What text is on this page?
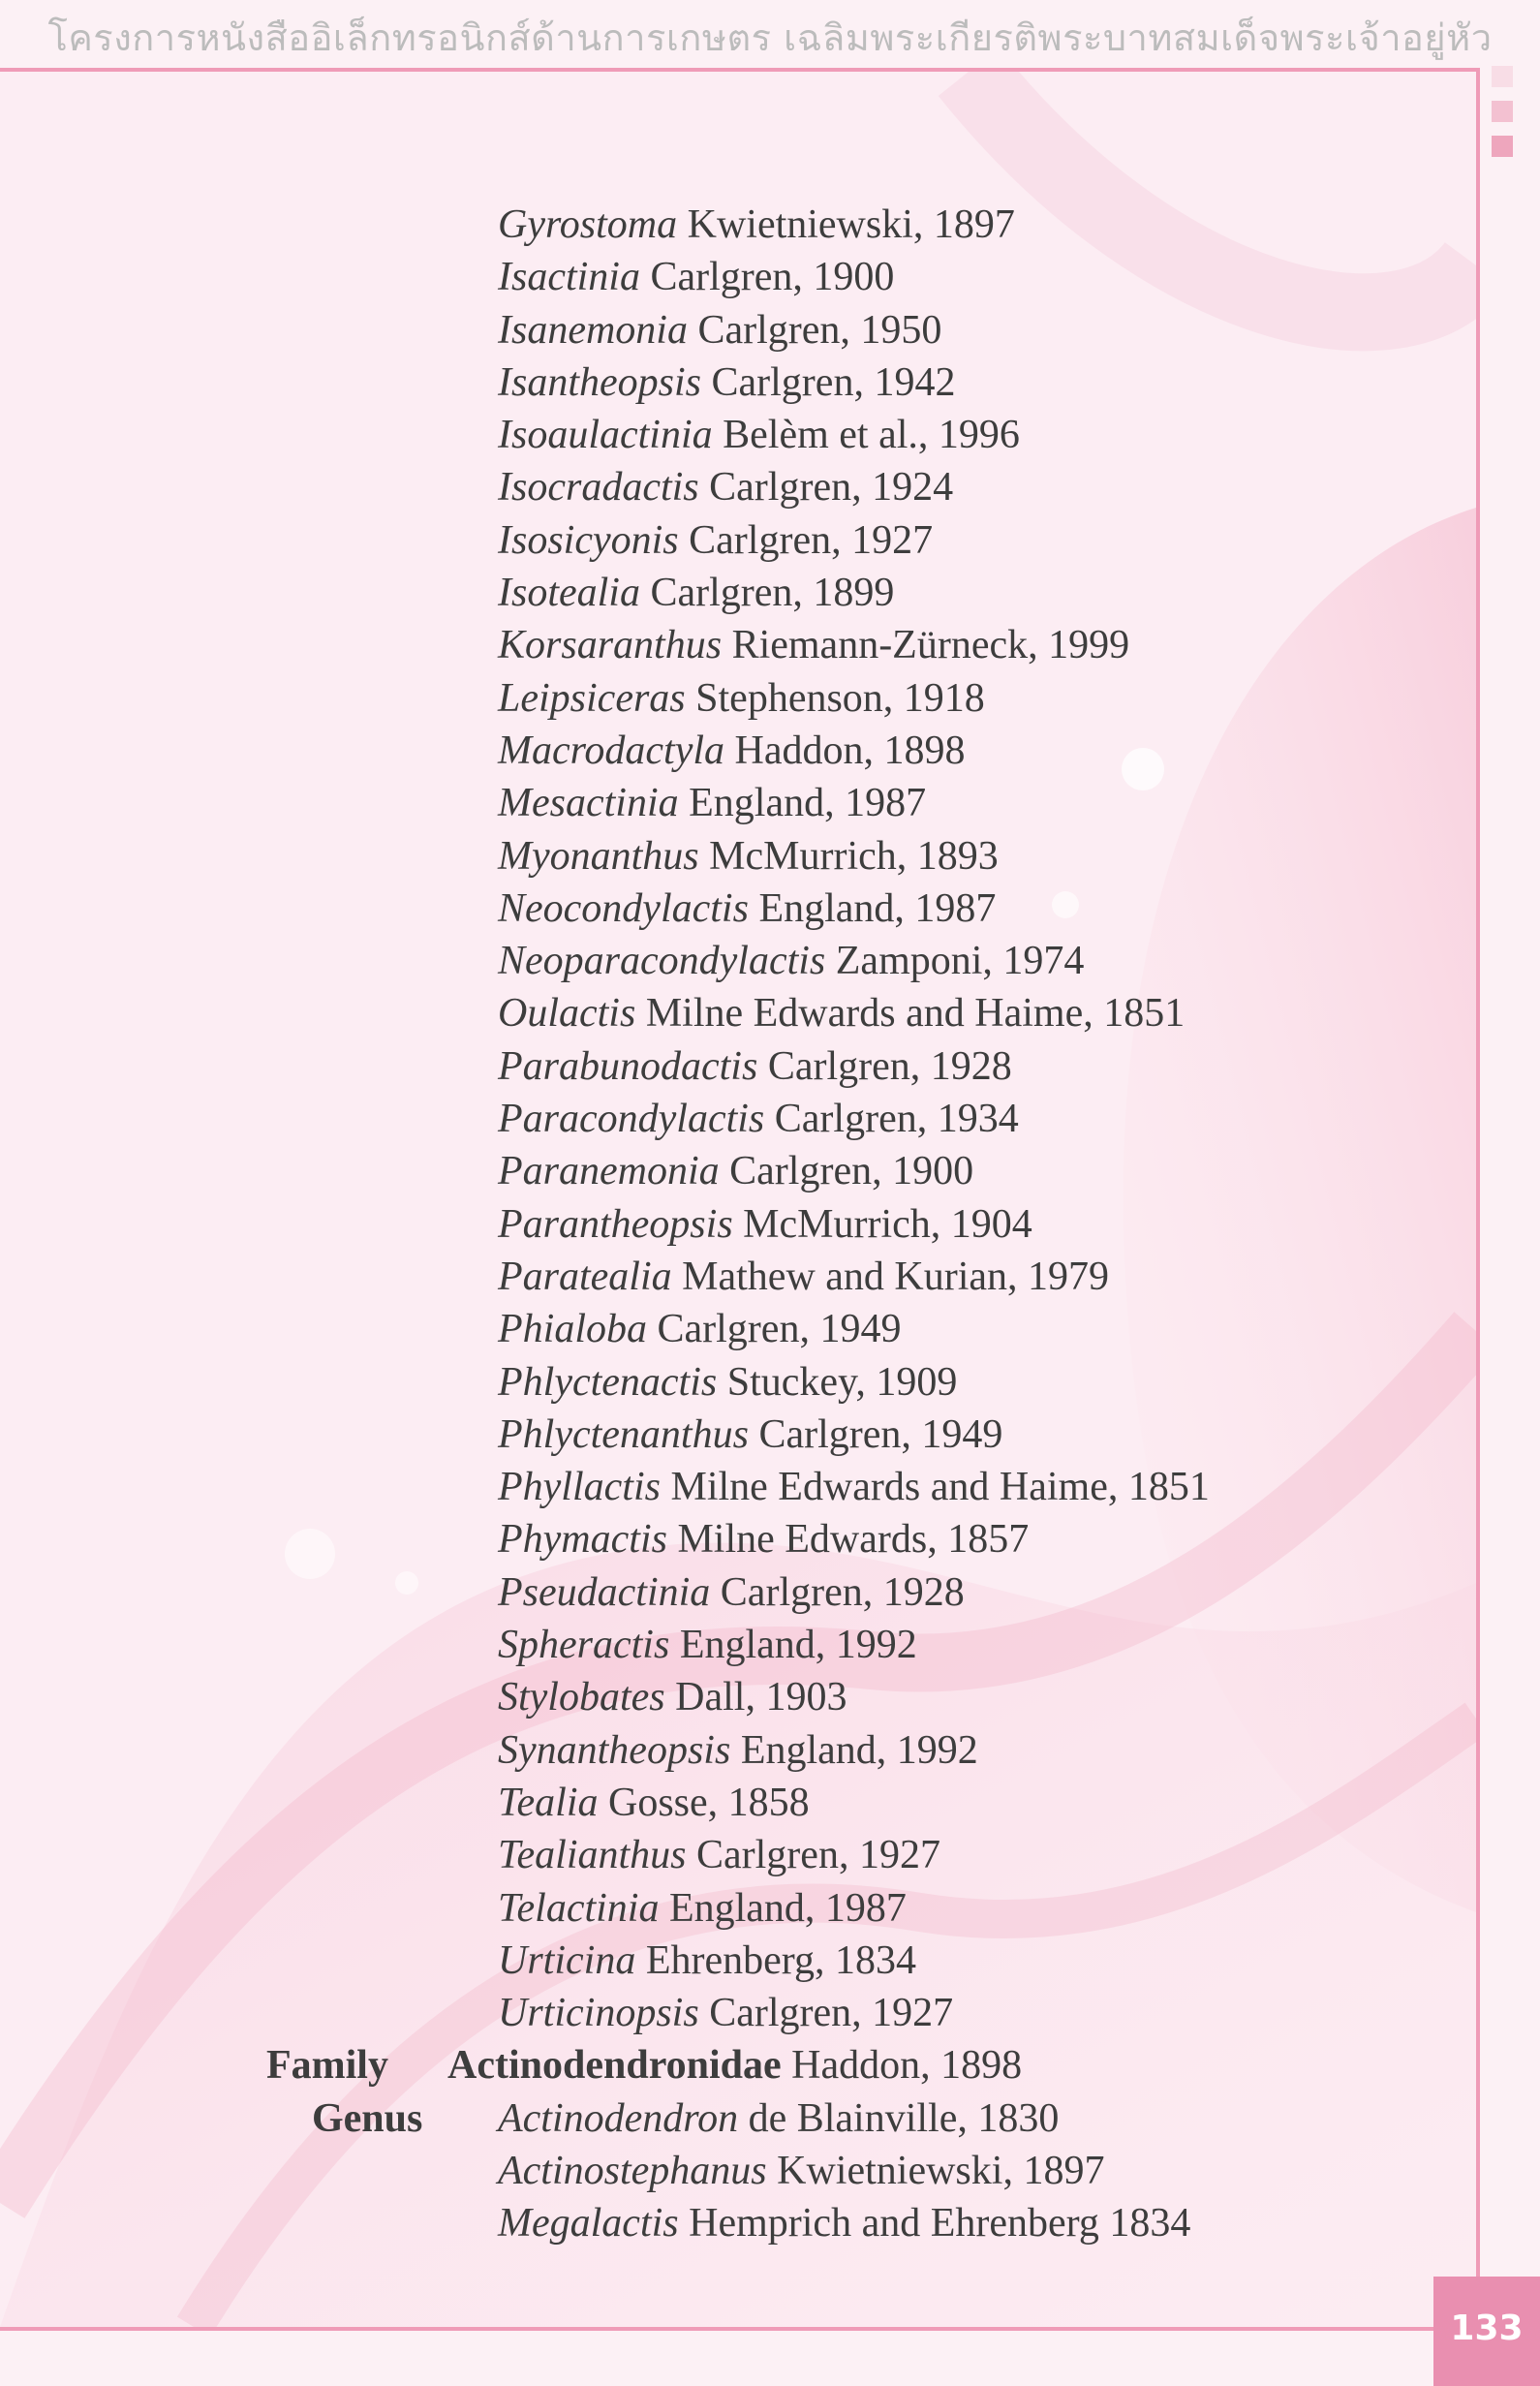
โครงการหนังสืออิเล็กทรอนิกส์ด้านการเกษตร เฉลิมพระเกียรติพระบาทสมเด็จพระเจ้าอยู่หัว
Gyrostoma Kwietniewski, 1897
Isactinia Carlgren, 1900
Isanemonia Carlgren, 1950
Isantheopsis Carlgren, 1942
Isoaulactinia Belèm et al., 1996
Isocradactis Carlgren, 1924
Isosicyonis Carlgren, 1927
Isotealia Carlgren, 1899
Korsaranthus Riemann-Zürneck, 1999
Leipsiceras Stephenson, 1918
Macrodactyla Haddon, 1898
Mesactinia England, 1987
Myonanthus McMurrich, 1893
Neocondylactis England, 1987
Neoparacondylactis Zamponi, 1974
Oulactis Milne Edwards and Haime, 1851
Parabunodactis Carlgren, 1928
Paracondylactis Carlgren, 1934
Paranemonia Carlgren, 1900
Parantheopsis McMurrich, 1904
Paratealia Mathew and Kurian, 1979
Phialoba Carlgren, 1949
Phlyctenactis Stuckey, 1909
Phlyctenanthus Carlgren, 1949
Phyllactis Milne Edwards and Haime, 1851
Phymactis Milne Edwards, 1857
Pseudactinia Carlgren, 1928
Spheractis England, 1992
Stylobates Dall, 1903
Synantheopsis England, 1992
Tealia Gosse, 1858
Tealianthus Carlgren, 1927
Telactinia England, 1987
Urticina Ehrenberg, 1834
Urticinopsis Carlgren, 1927
Family Actinodendronidae Haddon, 1898
Genus Actinodendron de Blainville, 1830
Actinostephanus Kwietniewski, 1897
Megalactis Hemprich and Ehrenberg 1834
133
